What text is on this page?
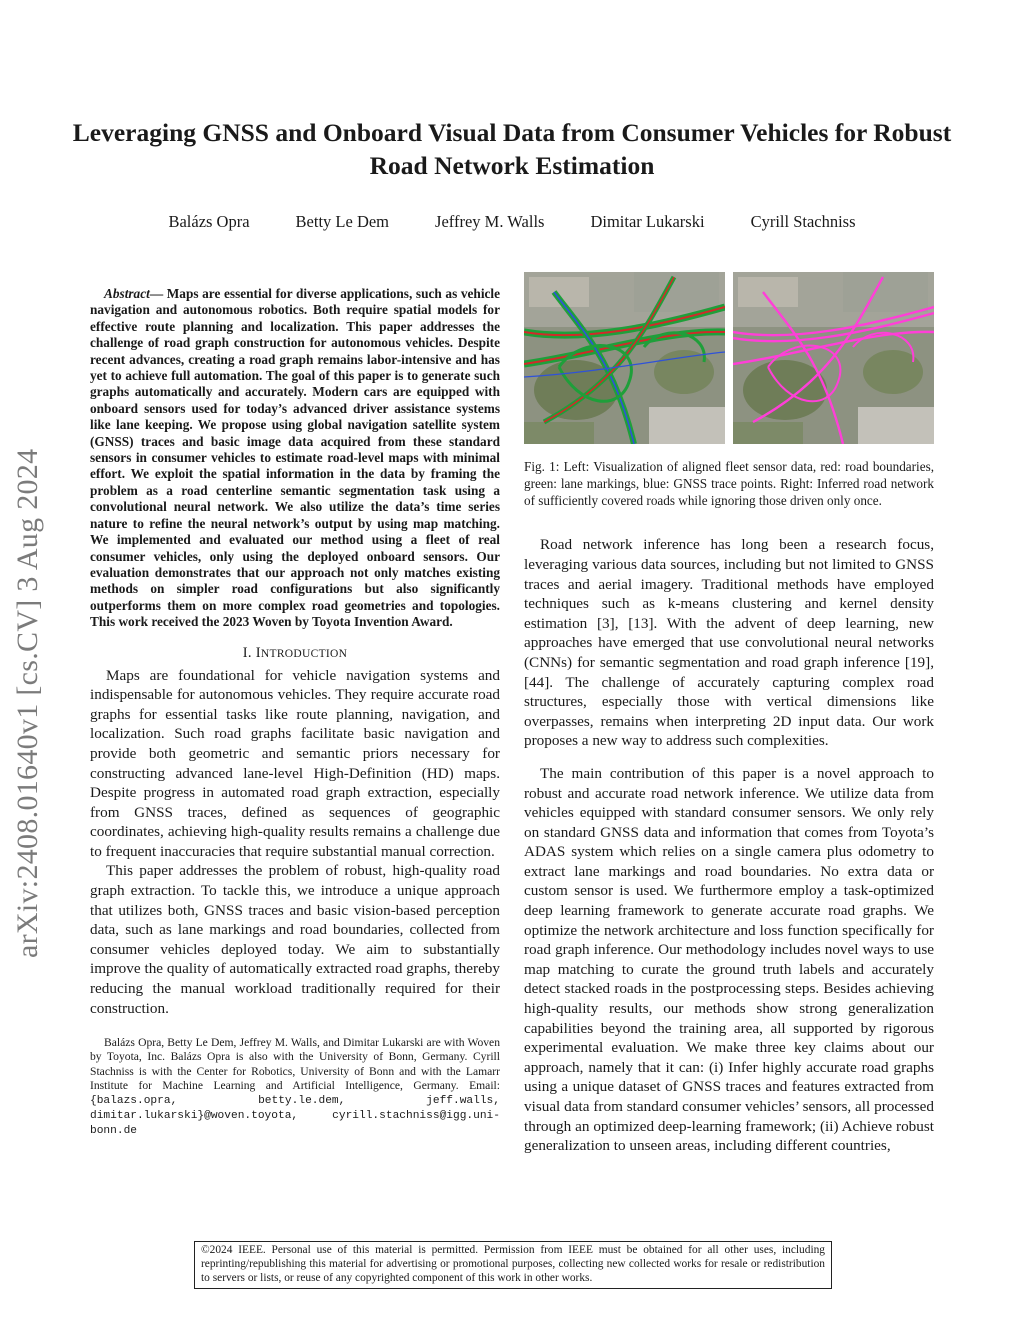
Leveraging GNSS and Onboard Visual Data from Consumer Vehicles for Robust Road Network Estimation
Balázs Opra	Betty Le Dem	Jeffrey M. Walls	Dimitar Lukarski	Cyrill Stachniss
arXiv:2408.01640v1 [cs.CV] 3 Aug 2024

Abstract— Maps are essential for diverse applications, such as vehicle navigation and autonomous robotics. Both require spatial models for effective route planning and localization. This paper addresses the challenge of road graph construction for autonomous vehicles. Despite recent advances, creating a road graph remains labor-intensive and has yet to achieve full automation. The goal of this paper is to generate such graphs automatically and accurately. Modern cars are equipped with onboard sensors used for today’s advanced driver assistance systems like lane keeping. We propose using global navigation satellite system (GNSS) traces and basic image data acquired from these standard sensors in consumer vehicles to estimate road-level maps with minimal effort. We exploit the spatial information in the data by framing the problem as a road centerline semantic segmentation task using a convolutional neural network. We also utilize the data’s time series nature to refine the neural network’s output by using map matching. We implemented and evaluated our method using a fleet of real consumer vehicles, only using the deployed onboard sensors. Our evaluation demonstrates that our approach not only matches existing methods on simpler road configurations but also significantly outperforms them on more complex road geometries and topologies. This work received the 2023 Woven by Toyota Invention Award.

I. INTRODUCTION

Maps are foundational for vehicle navigation systems and indispensable for autonomous vehicles. They require accurate road graphs for essential tasks like route planning, navigation, and localization. Such road graphs facilitate basic navigation and provide both geometric and semantic priors necessary for constructing advanced lane-level High-Definition (HD) maps. Despite progress in automated road graph extraction, especially from GNSS traces, defined as sequences of geographic coordinates, achieving high-quality results remains a challenge due to frequent inaccuracies that require substantial manual correction.

This paper addresses the problem of robust, high-quality road graph extraction. To tackle this, we introduce a unique approach that utilizes both, GNSS traces and basic vision-based perception data, such as lane markings and road boundaries, collected from consumer vehicles deployed today. We aim to substantially improve the quality of automatically extracted road graphs, thereby reducing the manual workload traditionally required for their construction.

Balázs Opra, Betty Le Dem, Jeffrey M. Walls, and Dimitar Lukarski are with Woven by Toyota, Inc. Balázs Opra is also with the University of Bonn, Germany. Cyrill Stachniss is with the Center for Robotics, University of Bonn and with the Lamarr Institute for Machine Learning and Artificial Intelligence, Germany. Email: {balazs.opra, betty.le.dem, jeff.walls, dimitar.lukarski}@woven.toyota, cyrill.stachniss@igg.uni-bonn.de

Fig. 1: Left: Visualization of aligned fleet sensor data, red: road boundaries, green: lane markings, blue: GNSS trace points. Right: Inferred road network of sufficiently covered roads while ignoring those driven only once.

Road network inference has long been a research focus, leveraging various data sources, including but not limited to GNSS traces and aerial imagery. Traditional methods have employed techniques such as k-means clustering and kernel density estimation [3], [13]. With the advent of deep learning, new approaches have emerged that use convolutional neural networks (CNNs) for semantic segmentation and road graph inference [19], [44]. The challenge of accurately capturing complex road structures, especially those with vertical dimensions like overpasses, remains when interpreting 2D input data. Our work proposes a new way to address such complexities.

The main contribution of this paper is a novel approach to robust and accurate road network inference. We utilize data from vehicles equipped with standard consumer sensors. We only rely on standard GNSS data and information that comes from Toyota’s ADAS system which relies on a single camera plus odometry to extract lane markings and road boundaries. No extra data or custom sensor is used. We furthermore employ a task-optimized deep learning framework to generate accurate road graphs. We optimize the network architecture and loss function specifically for road graph inference. Our methodology includes novel ways to use map matching to curate the ground truth labels and accurately detect stacked roads in the postprocessing steps. Besides achieving high-quality results, our methods show strong generalization capabilities beyond the training area, all supported by rigorous experimental evaluation. We make three key claims about our approach, namely that it can: (i) Infer highly accurate road graphs using a unique dataset of GNSS traces and features extracted from visual data from standard consumer vehicles’ sensors, all processed through an optimized deep-learning framework; (ii) Achieve robust generalization to unseen areas, including different countries,

©2024 IEEE. Personal use of this material is permitted. Permission from IEEE must be obtained for all other uses, including reprinting/republishing this material for advertising or promotional purposes, collecting new collected works for resale or redistribution to servers or lists, or reuse of any copyrighted component of this work in other works.
